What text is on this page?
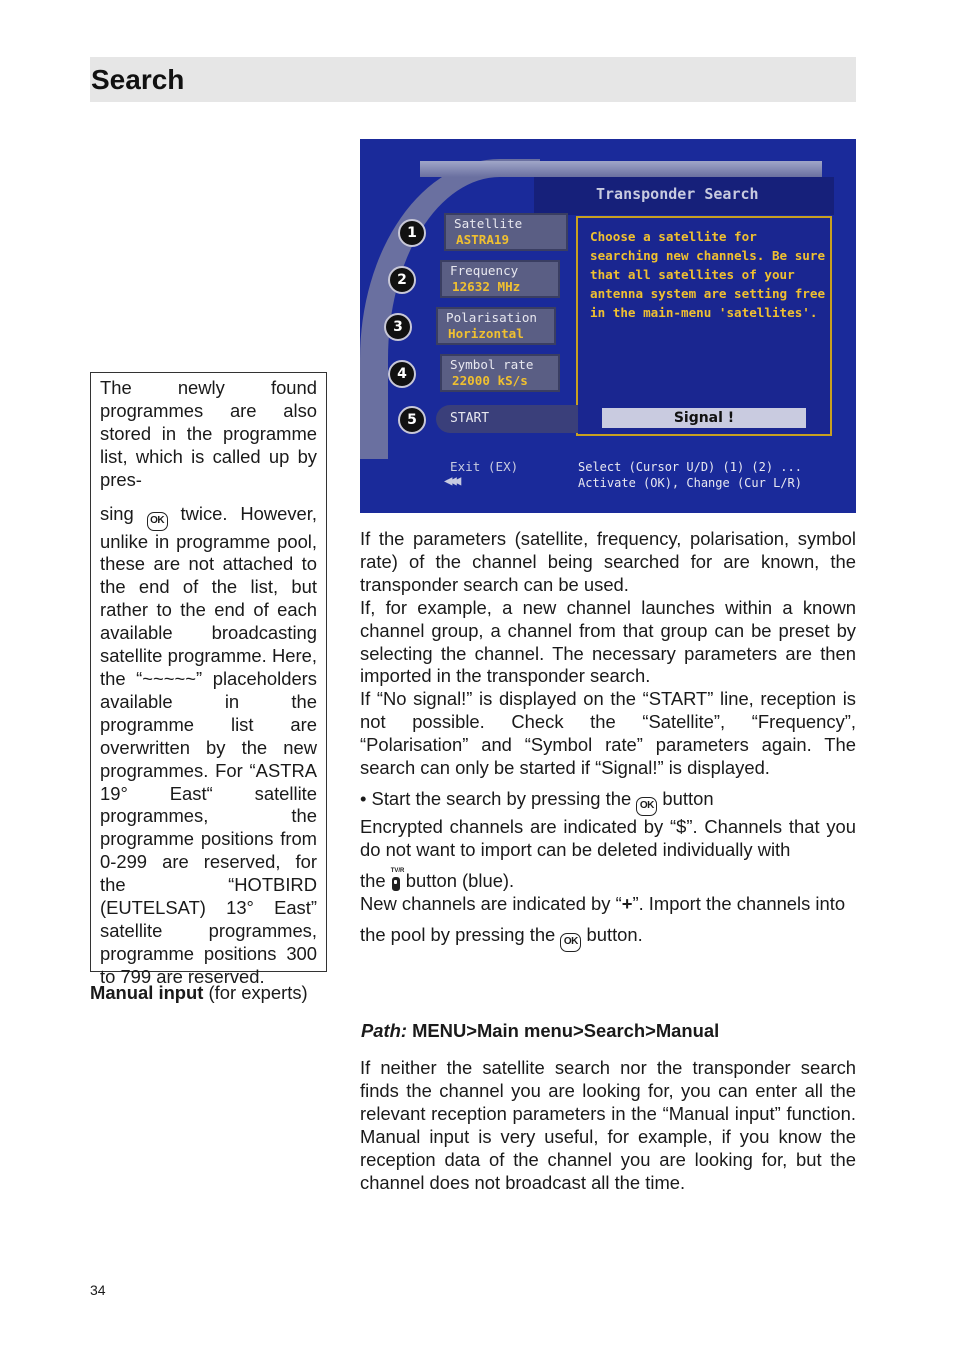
Search

The newly found programmes are also stored in the programme list, which is called up by pres-

sing OK twice. However, unlike in programme pool, these are not attached to the end of the list, but rather to the end of each available broadcasting satellite programme. Here, the “~~~~~” placeholders available in the programme list are overwritten by the new programmes. For “ASTRA 19° East“ satellite programmes, the programme positions from 0-299 are reserved, for the “HOTBIRD (EUTELSAT) 13° East” satellite programmes, programme positions 300 to 799 are reserved.

Manual input (for experts)
Transponder Search
Choose a satellite for searching new channels. Be sure that all satellites of your antenna system are setting free in the main-menu 'satellites'.
Signal !
1
Satellite
ASTRA19
2
Frequency
12632 MHz
3
Polarisation
Horizontal
4
Symbol rate
22000 kS/s
5	START
Exit (EX)
◀◀◀
Select (Cursor U/D) (1) (2) ...
Activate (OK), Change (Cur L/R)

If the parameters (satellite, frequency, polarisation, symbol rate) of the channel being searched for are known, the transponder search can be used.

If, for example, a new channel launches within a known channel group, a channel from that group can be preset by selecting the channel. The necessary parameters are then imported in the transponder search.

If “No signal!” is displayed on the “START” line, reception is not possible. Check the “Satellite”, “Frequency”, “Polarisation” and “Symbol rate” parameters again. The search can only be started if “Signal!” is displayed.

• Start the search by pressing the OK button

Encrypted channels are indicated by “$”. Channels that you do not want to import can be deleted individually with

the TV/R
button (blue).

New channels are indicated by “+”. Import the channels into

the pool by pressing the OK button.

Path: MENU>Main menu>Search>Manual

If neither the satellite search nor the transponder search finds the channel you are looking for, you can enter all the relevant reception parameters in the “Manual input” function. Manual input is very useful, for example, if you know the reception data of the channel you are looking for, but the channel does not broadcast all the time.

34
